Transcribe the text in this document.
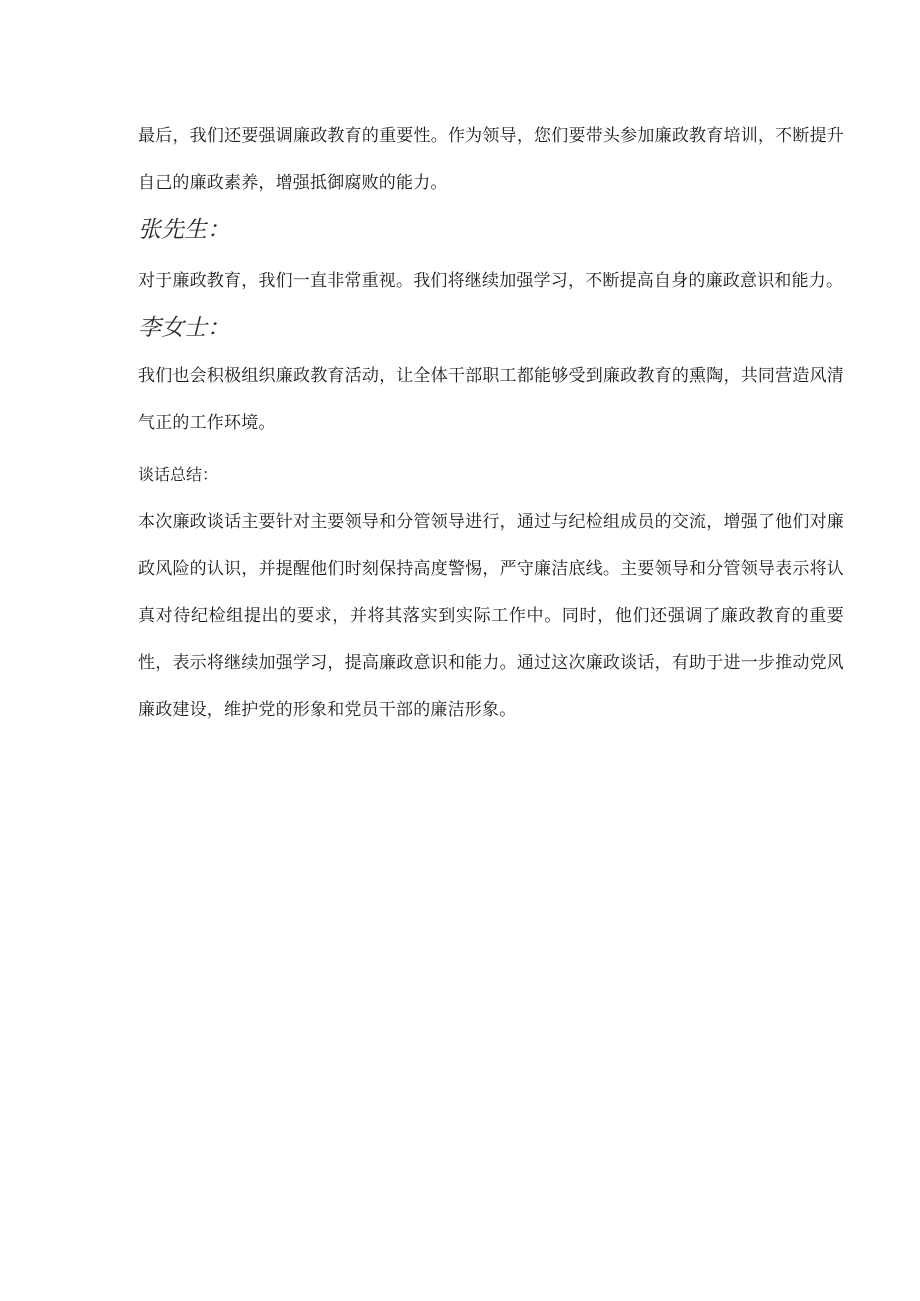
最后，我们还要强调廉政教育的重要性。作为领导，您们要带头参加廉政教育培训，不断提升自己的廉政素养，增强抵御腐败的能力。

张先生：

对于廉政教育，我们一直非常重视。我们将继续加强学习，不断提高自身的廉政意识和能力。

李女士：

我们也会积极组织廉政教育活动，让全体干部职工都能够受到廉政教育的熏陶，共同营造风清气正的工作环境。

谈话总结：

本次廉政谈话主要针对主要领导和分管领导进行，通过与纪检组成员的交流，增强了他们对廉政风险的认识，并提醒他们时刻保持高度警惕，严守廉洁底线。主要领导和分管领导表示将认真对待纪检组提出的要求，并将其落实到实际工作中。同时，他们还强调了廉政教育的重要性，表示将继续加强学习，提高廉政意识和能力。通过这次廉政谈话，有助于进一步推动党风廉政建设，维护党的形象和党员干部的廉洁形象。
